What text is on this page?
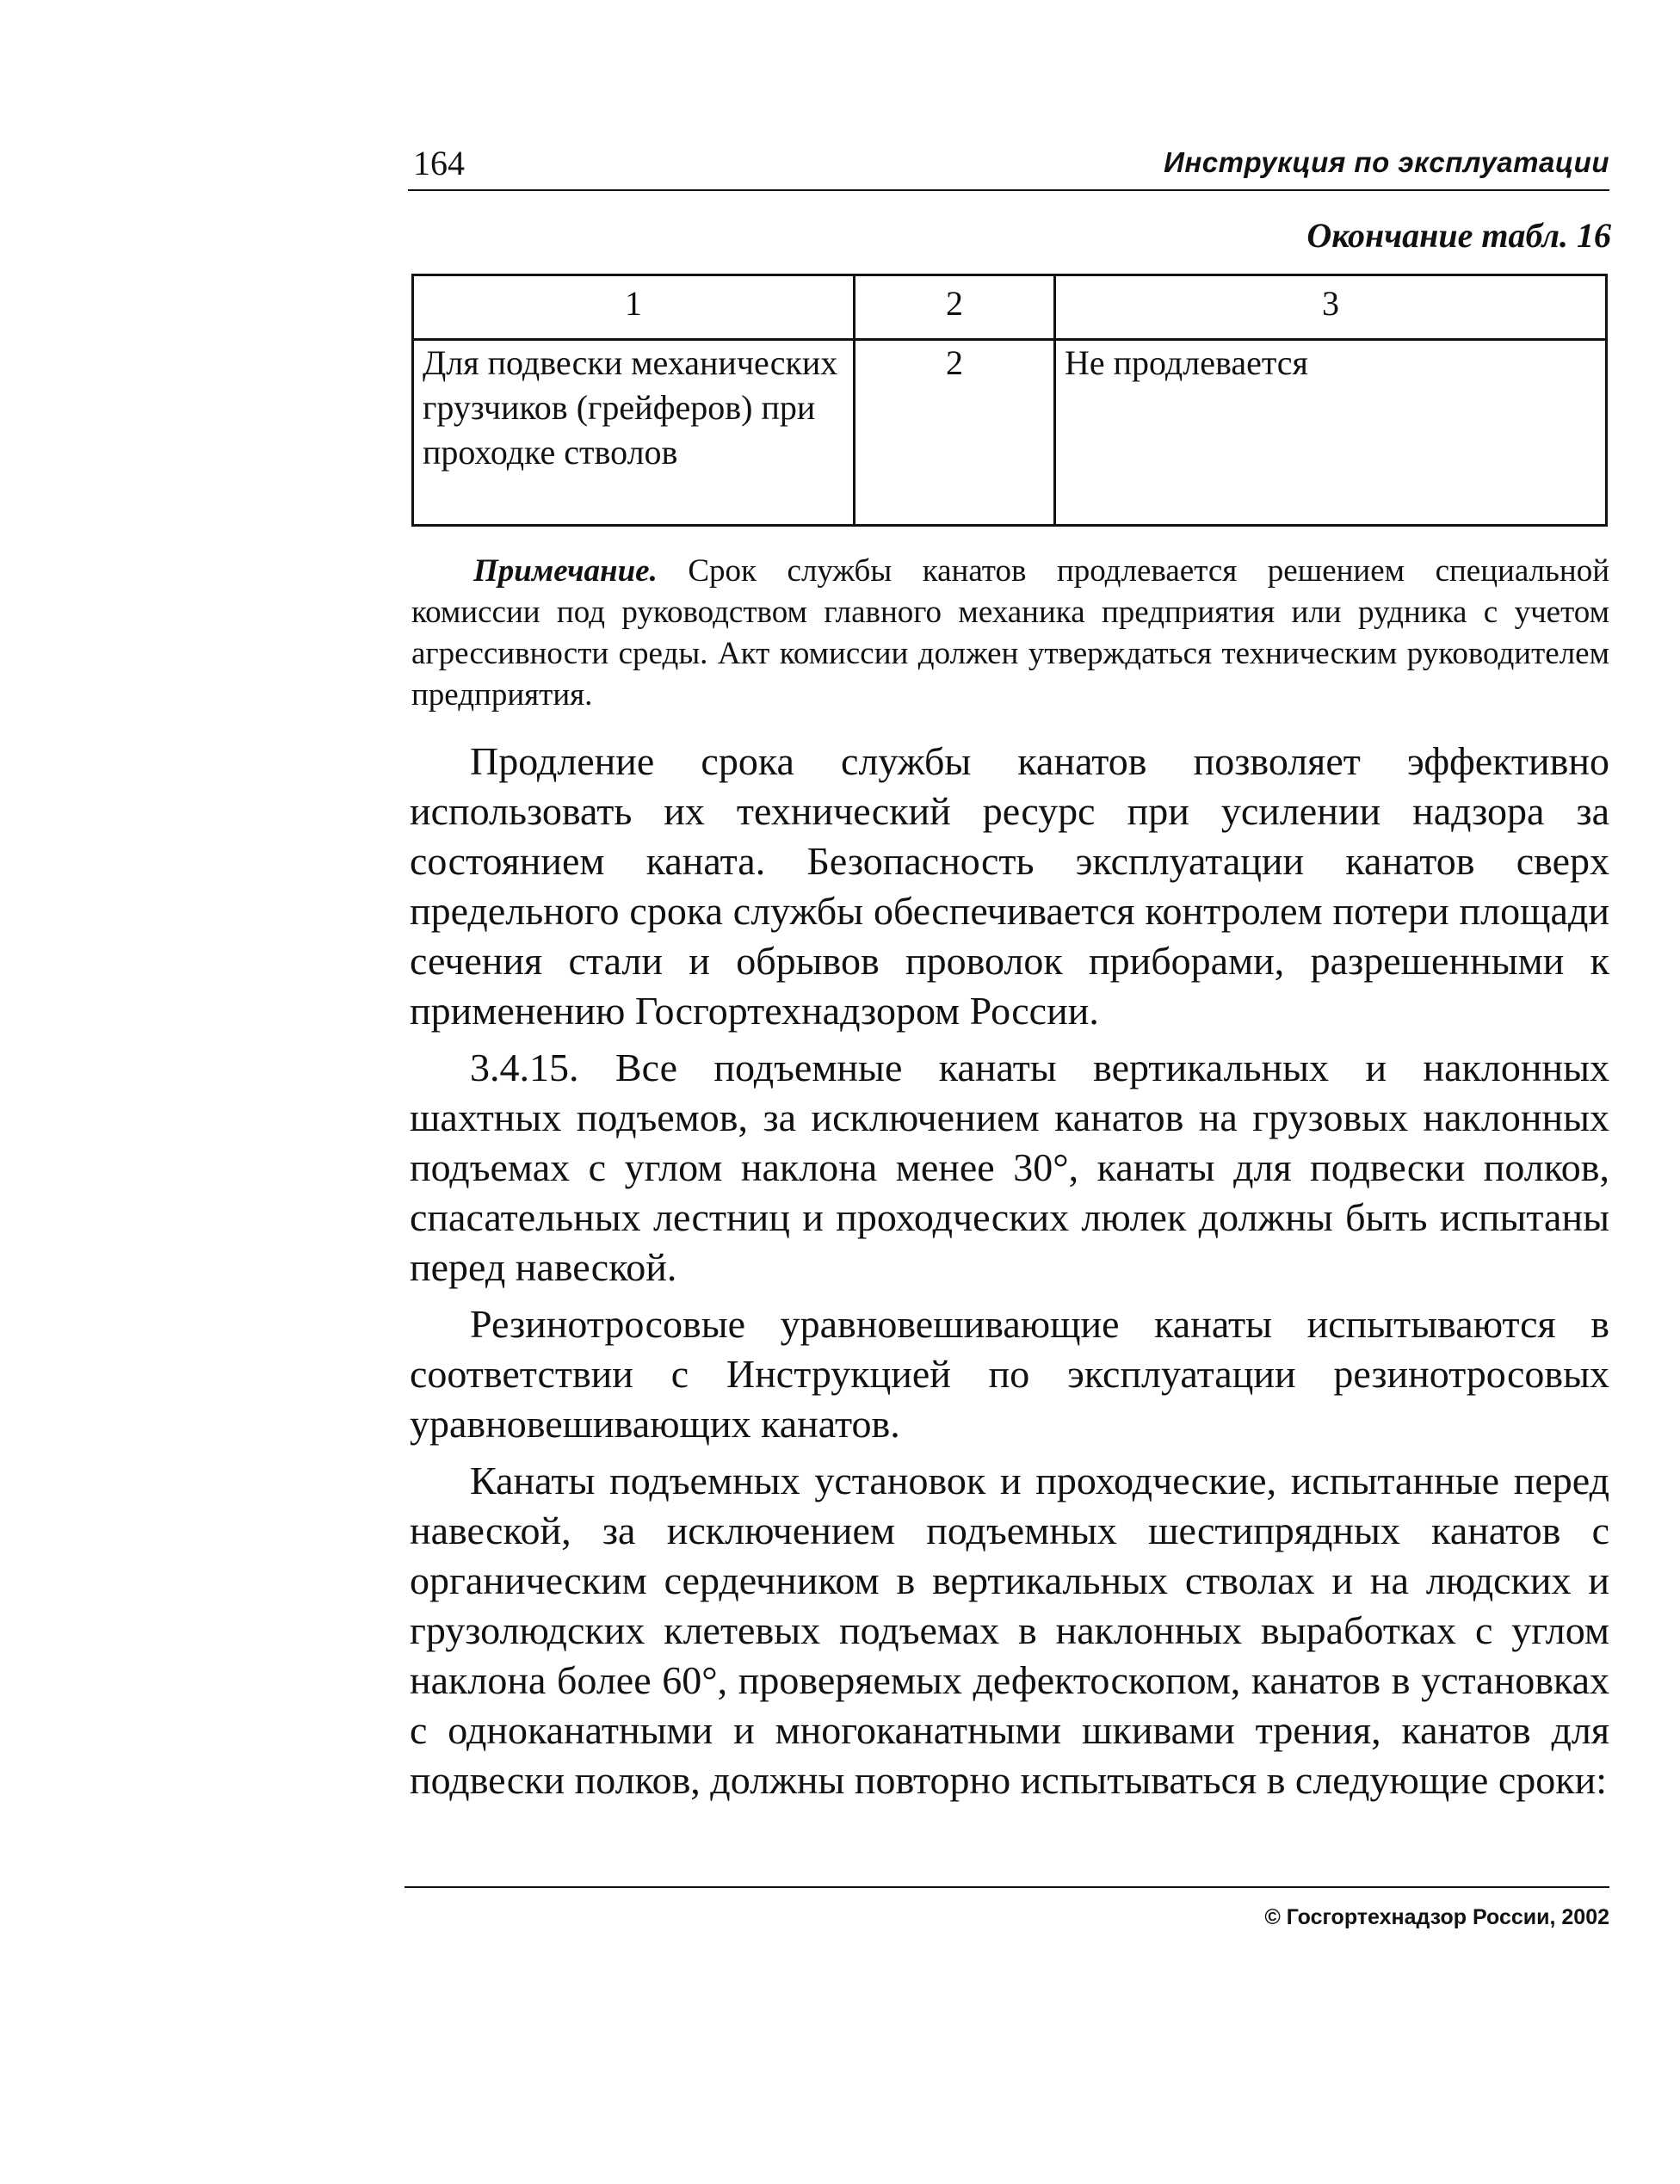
164	Инструкция по эксплуатации
Окончание табл. 16
1	2	3
Для подвески механических грузчиков (грейферов) при проходке стволов	2	Не продлевается
Примечание. Срок службы канатов продлевается решением специальной комиссии под руководством главного механика предприятия или рудника с учетом агрессивности среды. Акт комиссии должен утверждаться техническим руководителем предприятия.

Продление срока службы канатов позволяет эффективно использовать их технический ресурс при усилении надзора за состоянием каната. Безопасность эксплуатации канатов сверх предельного срока службы обеспечивается контролем потери площади сечения стали и обрывов проволок приборами, разрешенными к применению Госгортехнадзором России.

3.4.15. Все подъемные канаты вертикальных и наклонных шахтных подъемов, за исключением канатов на грузовых наклонных подъемах с углом наклона менее 30°, канаты для подвески полков, спасательных лестниц и проходческих люлек должны быть испытаны перед навеской.

Резинотросовые уравновешивающие канаты испытываются в соответствии с Инструкцией по эксплуатации резинотросовых уравновешивающих канатов.

Канаты подъемных установок и проходческие, испытанные перед навеской, за исключением подъемных шестипрядных канатов с органическим сердечником в вертикальных стволах и на людских и грузолюдских клетевых подъемах в наклонных выработках с углом наклона более 60°, проверяемых дефектоскопом, канатов в установках с одноканатными и многоканатными шкивами трения, канатов для подвески полков, должны повторно испытываться в следующие сроки:

© Госгортехнадзор России, 2002
